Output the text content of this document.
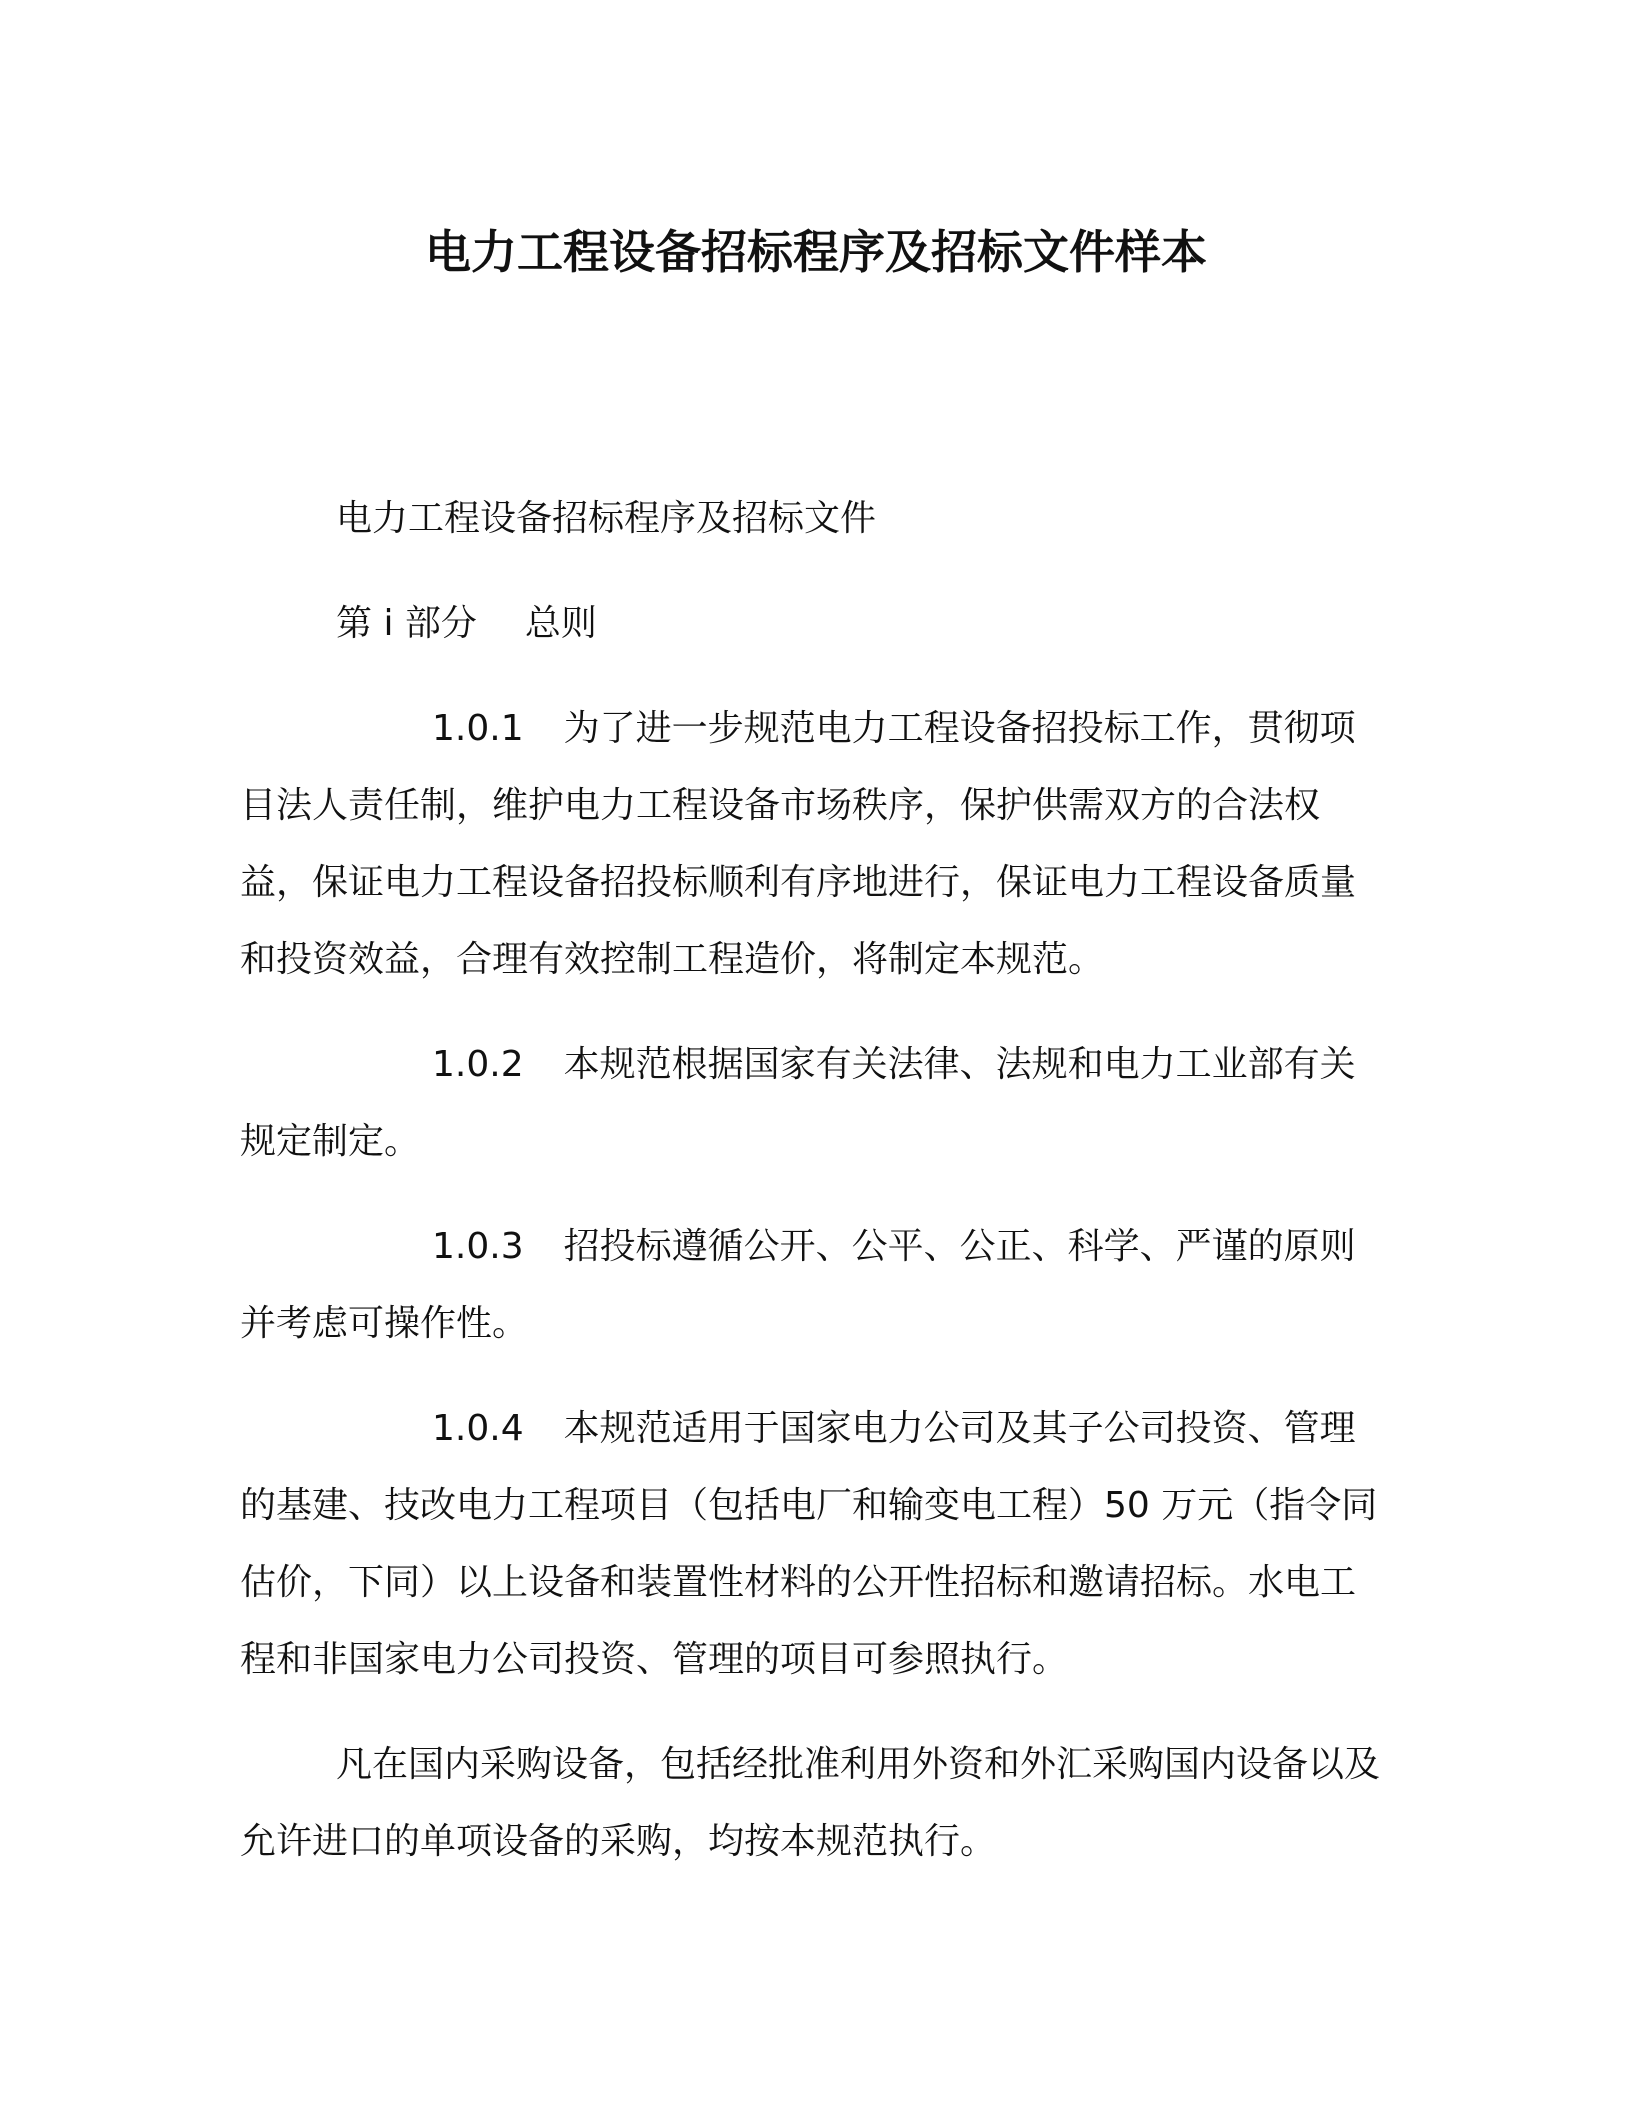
电力工程设备招标程序及招标文件样本

电力工程设备招标程序及招标文件

第 i 部分 总则

1.0.1 为了进一步规范电力工程设备招投标工作，贯彻项目法人责任制，维护电力工程设备市场秩序，保护供需双方的合法权益，保证电力工程设备招投标顺利有序地进行，保证电力工程设备质量和投资效益，合理有效控制工程造价，将制定本规范。

1.0.2 本规范根据国家有关法律、法规和电力工业部有关规定制定。

1.0.3 招投标遵循公开、公平、公正、科学、严谨的原则并考虑可操作性。

1.0.4 本规范适用于国家电力公司及其子公司投资、管理的基建、技改电力工程项目（包括电厂和输变电工程）50 万元（指令同估价，下同）以上设备和装置性材料的公开性招标和邀请招标。水电工程和非国家电力公司投资、管理的项目可参照执行。

凡在国内采购设备，包括经批准利用外资和外汇采购国内设备以及允许进口的单项设备的采购，均按本规范执行。
